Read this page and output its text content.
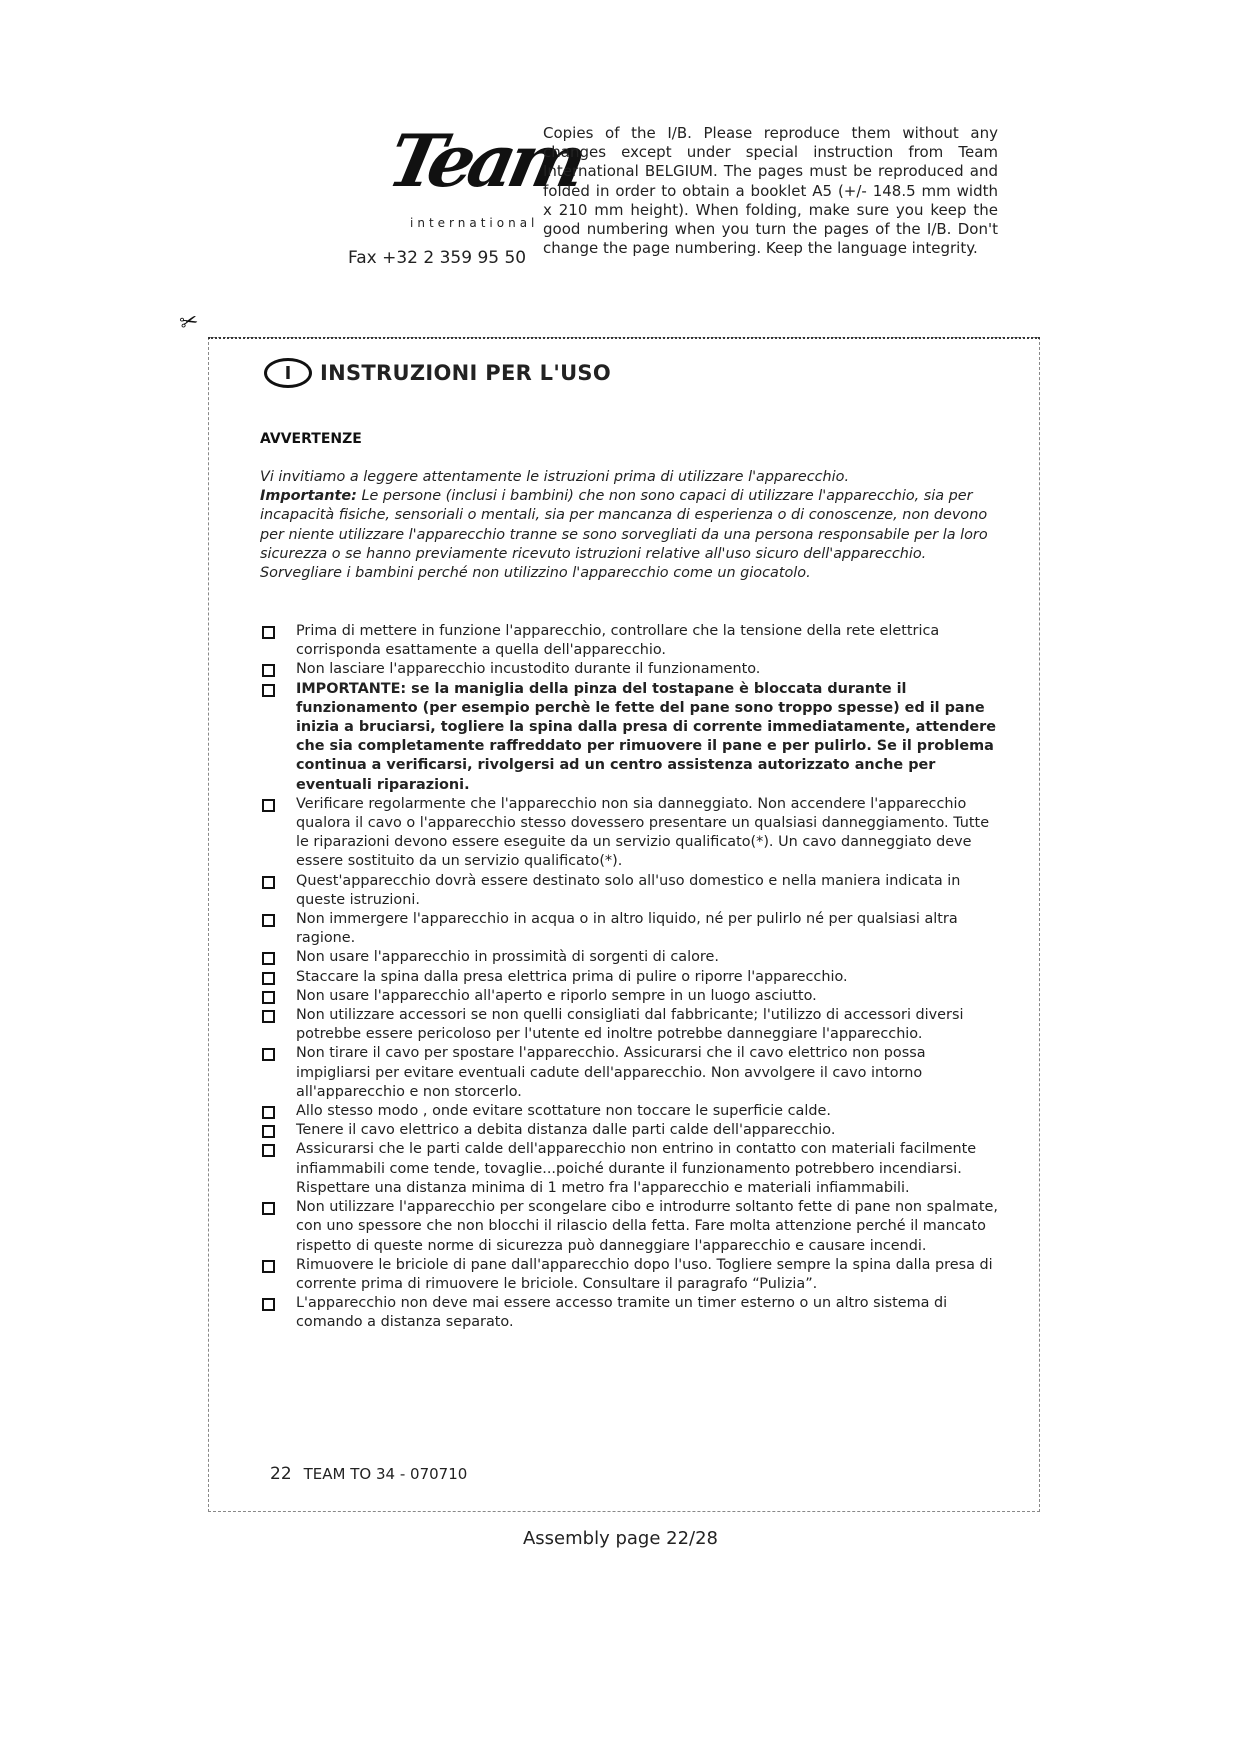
Team
international
Fax +32 2 359 95 50
Copies of the I/B. Please reproduce them without any changes except under special instruction from Team International BELGIUM. The pages must be reproduced and folded in order to obtain a booklet A5 (+/- 148.5 mm width x 210 mm height). When folding, make sure you keep the good numbering when you turn the pages of the I/B. Don't change the page numbering. Keep the language integrity.
✂
I	INSTRUZIONI PER L'USO
AVVERTENZE
Vi invitiamo a leggere attentamente le istruzioni prima di utilizzare l'apparecchio.
Importante: Le persone (inclusi i bambini) che non sono capaci di utilizzare l'apparecchio, sia per incapacità fisiche, sensoriali o mentali, sia per mancanza di esperienza o di conoscenze, non devono per niente utilizzare l'apparecchio tranne se sono sorvegliati da una persona responsabile per la loro sicurezza o se hanno previamente ricevuto istruzioni relative all'uso sicuro dell'apparecchio.
Sorvegliare i bambini perché non utilizzino l'apparecchio come un giocatolo.
Prima di mettere in funzione l'apparecchio, controllare che la tensione della rete elettrica corrisponda esattamente a quella dell'apparecchio.
Non lasciare l'apparecchio incustodito durante il funzionamento.
IMPORTANTE: se la maniglia della pinza del tostapane è bloccata durante il funzionamento (per esempio perchè le fette del pane sono troppo spesse) ed il pane inizia a bruciarsi, togliere la spina dalla presa di corrente immediatamente, attendere che sia completamente raffreddato per rimuovere il pane e per pulirlo. Se il problema continua a verificarsi, rivolgersi ad un centro assistenza autorizzato anche per eventuali riparazioni.
Verificare regolarmente che l'apparecchio non sia danneggiato. Non accendere l'apparecchio qualora il cavo o l'apparecchio stesso dovessero presentare un qualsiasi danneggiamento. Tutte le riparazioni devono essere eseguite da un servizio qualificato(*). Un cavo danneggiato deve essere sostituito da un servizio qualificato(*).
Quest'apparecchio dovrà essere destinato solo all'uso domestico e nella maniera indicata in queste istruzioni.
Non immergere l'apparecchio in acqua o in altro liquido, né per pulirlo né per qualsiasi altra ragione.
Non usare l'apparecchio in prossimità di sorgenti di calore.
Staccare la spina dalla presa elettrica prima di pulire o riporre l'apparecchio.
Non usare l'apparecchio all'aperto e riporlo sempre in un luogo asciutto.
Non utilizzare accessori se non quelli consigliati dal fabbricante; l'utilizzo di accessori diversi potrebbe essere pericoloso per l'utente ed inoltre potrebbe danneggiare l'apparecchio.
Non tirare il cavo per spostare l'apparecchio. Assicurarsi che il cavo elettrico non possa impigliarsi per evitare eventuali cadute dell'apparecchio. Non avvolgere il cavo intorno all'apparecchio e non storcerlo.
Allo stesso modo , onde evitare scottature non toccare le superficie calde.
Tenere il cavo elettrico a debita distanza dalle parti calde dell'apparecchio.
Assicurarsi che le parti calde dell'apparecchio non entrino in contatto con materiali facilmente infiammabili come tende, tovaglie...poiché durante il funzionamento potrebbero incendiarsi. Rispettare una distanza minima di 1 metro fra l'apparecchio e materiali infiammabili.
Non utilizzare l'apparecchio per scongelare cibo e introdurre soltanto fette di pane non spalmate, con uno spessore che non blocchi il rilascio della fetta. Fare molta attenzione perché il mancato rispetto di queste norme di sicurezza può danneggiare l'apparecchio e causare incendi.
Rimuovere le briciole di pane dall'apparecchio dopo l'uso. Togliere sempre la spina dalla presa di corrente prima di rimuovere le briciole. Consultare il paragrafo “Pulizia”.
L'apparecchio non deve mai essere accesso tramite un timer esterno o un altro sistema di comando a distanza separato.
22 TEAM TO 34 - 070710
Assembly page 22/28
